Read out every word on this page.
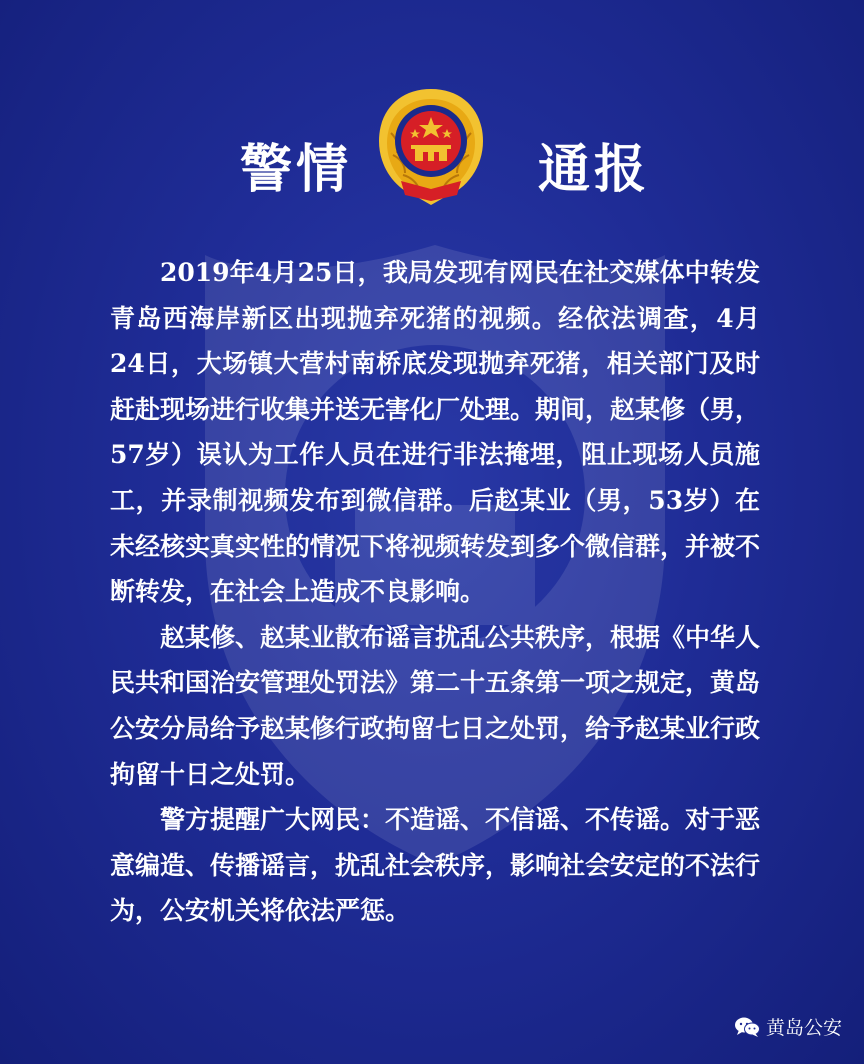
警情	通报

2019年4月25日，我局发现有网民在社交媒体中转发青岛西海岸新区出现抛弃死猪的视频。经依法调查，4月24日，大场镇大营村南桥底发现抛弃死猪，相关部门及时赶赴现场进行收集并送无害化厂处理。期间，赵某修（男，57岁）误认为工作人员在进行非法掩埋，阻止现场人员施工，并录制视频发布到微信群。后赵某业（男，53岁）在未经核实真实性的情况下将视频转发到多个微信群，并被不断转发，在社会上造成不良影响。

赵某修、赵某业散布谣言扰乱公共秩序，根据《中华人民共和国治安管理处罚法》第二十五条第一项之规定，黄岛公安分局给予赵某修行政拘留七日之处罚，给予赵某业行政拘留十日之处罚。

警方提醒广大网民：不造谣、不信谣、不传谣。对于恶意编造、传播谣言，扰乱社会秩序，影响社会安定的不法行为，公安机关将依法严惩。

黄岛公安
